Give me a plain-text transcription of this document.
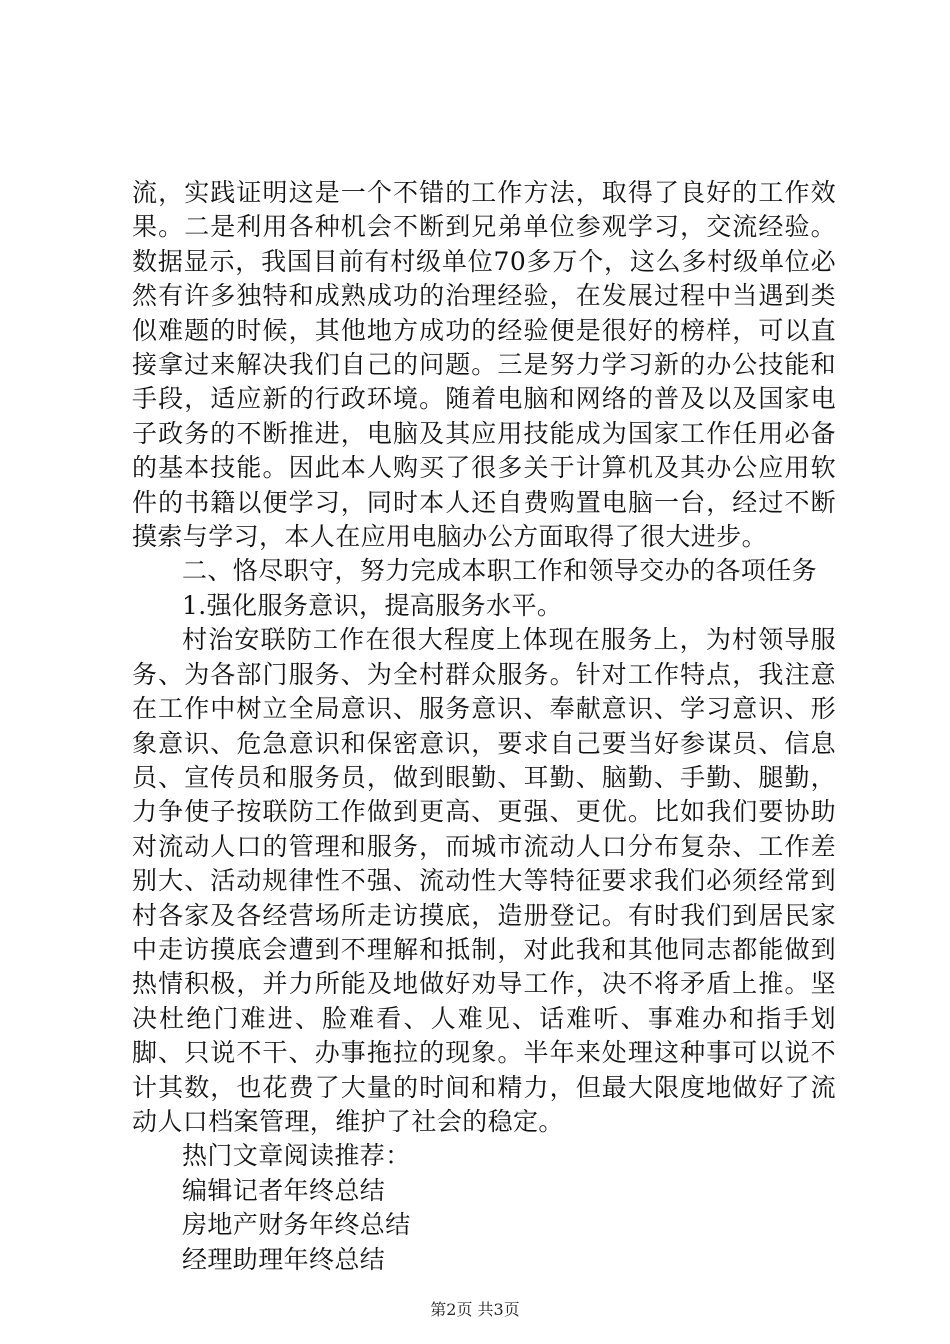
流，实践证明这是一个不错的工作方法，取得了良好的工作效果。二是利用各种机会不断到兄弟单位参观学习，交流经验。数据显示，我国目前有村级单位70多万个，这么多村级单位必然有许多独特和成熟成功的治理经验，在发展过程中当遇到类似难题的时候，其他地方成功的经验便是很好的榜样，可以直接拿过来解决我们自己的问题。三是努力学习新的办公技能和手段，适应新的行政环境。随着电脑和网络的普及以及国家电子政务的不断推进，电脑及其应用技能成为国家工作任用必备的基本技能。因此本人购买了很多关于计算机及其办公应用软件的书籍以便学习，同时本人还自费购置电脑一台，经过不断摸索与学习，本人在应用电脑办公方面取得了很大进步。

二、恪尽职守，努力完成本职工作和领导交办的各项任务

1.强化服务意识，提高服务水平。

村治安联防工作在很大程度上体现在服务上，为村领导服务、为各部门服务、为全村群众服务。针对工作特点，我注意在工作中树立全局意识、服务意识、奉献意识、学习意识、形象意识、危急意识和保密意识，要求自己要当好参谋员、信息员、宣传员和服务员，做到眼勤、耳勤、脑勤、手勤、腿勤，力争使子按联防工作做到更高、更强、更优。比如我们要协助对流动人口的管理和服务，而城市流动人口分布复杂、工作差别大、活动规律性不强、流动性大等特征要求我们必须经常到村各家及各经营场所走访摸底，造册登记。有时我们到居民家中走访摸底会遭到不理解和抵制，对此我和其他同志都能做到热情积极，并力所能及地做好劝导工作，决不将矛盾上推。坚决杜绝门难进、脸难看、人难见、话难听、事难办和指手划脚、只说不干、办事拖拉的现象。半年来处理这种事可以说不计其数，也花费了大量的时间和精力，但最大限度地做好了流动人口档案管理，维护了社会的稳定。

热门文章阅读推荐：

编辑记者年终总结

房地产财务年终总结

经理助理年终总结

第2页 共3页
